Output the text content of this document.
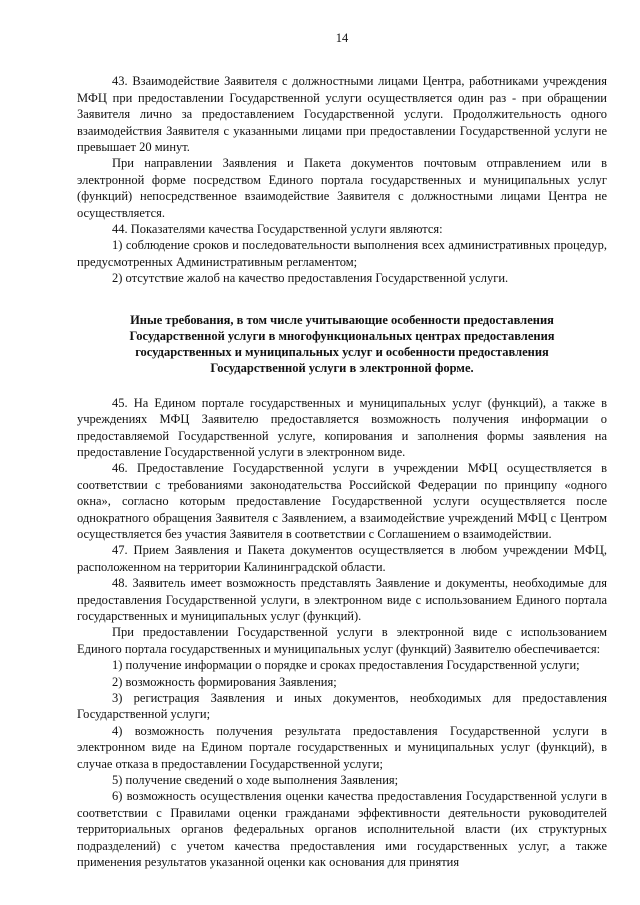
14

43. Взаимодействие Заявителя с должностными лицами Центра, работниками учреждения МФЦ при предоставлении Государственной услуги осуществляется один раз - при обращении Заявителя лично за предоставлением Государственной услуги. Продолжительность одного взаимодействия Заявителя с указанными лицами при предоставлении Государственной услуги не превышает 20 минут.

При направлении Заявления и Пакета документов почтовым отправлением или в электронной форме посредством Единого портала государственных и муниципальных услуг (функций) непосредственное взаимодействие Заявителя с должностными лицами Центра не осуществляется.

44. Показателями качества Государственной услуги являются:

1) соблюдение сроков и последовательности выполнения всех административных процедур, предусмотренных Административным регламентом;

2) отсутствие жалоб на качество предоставления Государственной услуги.

Иные требования, в том числе учитывающие особенности предоставления Государственной услуги в многофункциональных центрах предоставления государственных и муниципальных услуг и особенности предоставления Государственной услуги в электронной форме.

45. На Едином портале государственных и муниципальных услуг (функций), а также в учреждениях МФЦ Заявителю предоставляется возможность получения информации о предоставляемой Государственной услуге, копирования и заполнения формы заявления на предоставление Государственной услуги в электронном виде.

46. Предоставление Государственной услуги в учреждении МФЦ осуществляется в соответствии с требованиями законодательства Российской Федерации по принципу «одного окна», согласно которым предоставление Государственной услуги осуществляется после однократного обращения Заявителя с Заявлением, а взаимодействие учреждений МФЦ с Центром осуществляется без участия Заявителя в соответствии с Соглашением о взаимодействии.

47. Прием Заявления и Пакета документов осуществляется в любом учреждении МФЦ, расположенном на территории Калининградской области.

48. Заявитель имеет возможность представлять Заявление и документы, необходимые для предоставления Государственной услуги, в электронном виде с использованием Единого портала государственных и муниципальных услуг (функций).

При предоставлении Государственной услуги в электронной виде с использованием Единого портала государственных и муниципальных услуг (функций) Заявителю обеспечивается:

1) получение информации о порядке и сроках предоставления Государственной услуги;

2) возможность формирования Заявления;

3) регистрация Заявления и иных документов, необходимых для предоставления Государственной услуги;

4) возможность получения результата предоставления Государственной услуги в электронном виде на Едином портале государственных и муниципальных услуг (функций), в случае отказа в предоставлении Государственной услуги;

5) получение сведений о ходе выполнения Заявления;

6) возможность осуществления оценки качества предоставления Государственной услуги в соответствии с Правилами оценки гражданами эффективности деятельности руководителей территориальных органов федеральных органов исполнительной власти (их структурных подразделений) с учетом качества предоставления ими государственных услуг, а также применения результатов указанной оценки как основания для принятия
